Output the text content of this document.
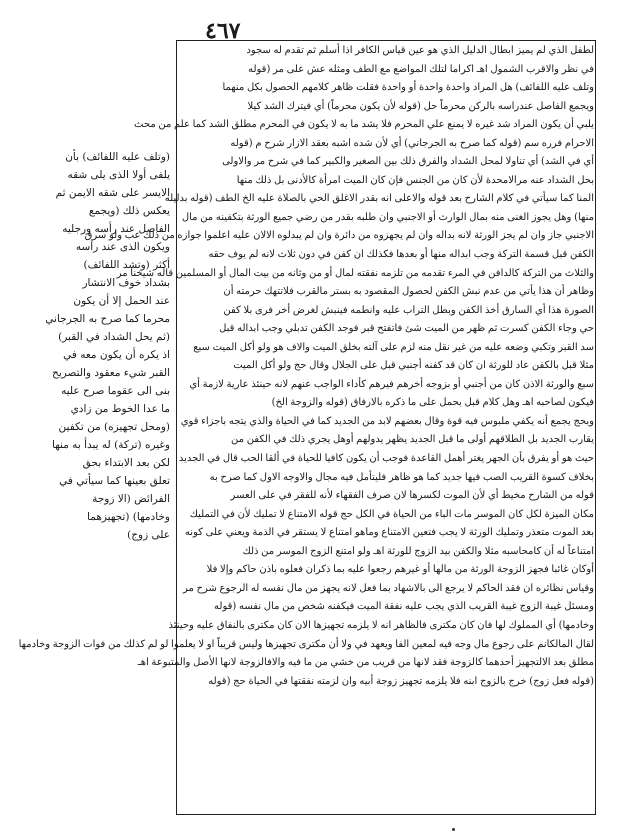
٤٦٧
لطفل الذي لم يميز ابطال الدليل الذي هو عين قياس الكافر اذا أسلم ثم تقدم له سجود
في نظر والاقرب الشمول اهـ اكراما لتلك المواضع مع الطف ومثله عش على مر (قوله
وتلف عليه اللفائف) هل المراد واحدة واحدة أو واحدة فقلت ظاهر كلامهم الحصول بكل منهما
ويجمع الفاصل عندراسه بالركن محرماً حل (قوله لأن يكون محرماً) أي فيترك الشد كيلا
يلبي أن يكون المراد شد غيره لا يمنع علي المحرم فلا يشد ما به لا يكون في المحرم مطلق الشد كما علم من محث
الاحرام فرره سم (قوله كما صرح به الجرجاني) أي لأن شده اشبه بعقد الازار شرح م (قوله
أي في الشد) أي تناولا لمحل الشداد والفرق ذلك بين الصغير والكبير كما في شرح مر والاولى
بحل الشداد عنه مرالامحدة لأن كان من الجنس فإن كان الميت امرأة كالأدنى بل ذلك منها
المنا كما سيأتي في كلام الشارح بعد قوله والاعلى انه بقدر الاغلق الحي بالصلاة عليه الخ الطف (قوله بدليله
منها) وهل يجوز الغنى منه بمال الوارث أو الاجنبي وان طلبه بقدر من رضي جميع الورثة بتكفينه من مال
الاجنبي جاز وان لم يجز الورثة لانه بداله وان لم يجهزوه من دائرة وان لم يبدلوه الالان عليه اعلموا جوازه من ذلك عب ولو سرق
الكفن قبل قسمة التركة وجب ابداله منها أو بعدها فكذلك ان كفن في دون ثلاث لانه لم يوف حقه
والثلاث من التركة كالدافن في المرء تقدمه من تلزمه نفقته لمال أو من وثانه من بيت المال أو المسلمين قاله شيخنا مر
وظاهر أن هذا يأتي من عدم نبش الكفن لحصول المقصود به بستر مالقرب فلاتتهك حرمته أن
الصورة هذا أي السارق أخذ الكفن وبطل التراب عليه وانطمه فينبش لغرض أخر فرى بلا كفن
حي وجاء الكفن كسرت ثم ظهر من الميت شئ فاتفتح قبر فوجد الكفن تدبلي وجب ابداله قبل
سد القبر وتكبي وضعه عليه من غير نقل منه لزم على آلته بخلق الميت والاف هو ولو أكل الميت سبع
مثلا قبل بالكفن عاد للورثة ان كان قد كفنه أجنبي قبل على الجلال وقال حج ولو أكل الميت
سبع والورثة الاذن كان من أجنبي أو بزوجه أخرهم فيرهم كأداء الواجب عنهم لانه حينئذ عارية لازمة أي
فيكون لصاحبه اهـ وهل كلام قبل بحمل على ما ذكره بالارفاق (قوله والزوجة الخ)
وبحج يجمع أنه يكفي ملبوس فيه قوة وقال بعضهم لابد من الجديد كما في الحياة والذي يتجه باجزاء قوي
يقارب الجديد بل الطلاقهم أولى ما قبل الجديد يظهر يدولهم أوهل يجري ذلك في الكفن من
حيث هو أو يفرق بأن الجهر يغتر أهمل القاعدة فوجب أن يكون كافيا للحياة في ألقا الحب قال في الجديد
بخلاف كسوة القريب الصب فيها جديد كما هو ظاهر فليتأمل فيه مجال والاوجه الاول كما صرح به
قوله من الشارح مخيط أي لأن الموت لكسرها لان صرف الفقهاء لأنه للفقر في على العسر
مكان الميزة لكل كان الموسر مات الباء من الحياة في الكل حج قوله الامتناع لا تمليك لأن في التمليك
بعد الموت متعذر وتمليك الورثة لا يجب فتعين الامتناع وماهو امتناع لا يستقر في الذمة ويعني على كونه
امتناعاً له أن كامحاسبه مثلا والكفن بيد الزوج للورثة اهـ ولو امتنع الزوج الموسر من ذلك
أوكان غائبا فجهز الزوجة الورثة من مالها أو غيرهم رجعوا عليه بما ذكران فعلوه باذن حاكم وإلا فلا
وقياس نظائره ان فقد الحاكم لا يرجع الى بالاشهاد بما فعل لانه يجهز من مال نفسه له الرجوع شرح مر
ومسئل غيبة الزوج غيبة القريب الذي يجب عليه نفقة الميت فيكفنه شخص من مال نفسه (قوله
وخادمها) أي المملوك لها فان كان مكترى فالظاهر انه لا يلزمه تجهيزها الان كان مكترى بالنفاق عليه وحينئذ
لقال المالكانم على رجوع مال وجه فيه لمعين الفا ويعهد في ولا أن مكترى تجهيزها وليس قريباً او لا يعلموا لو لم كذلك من فوات الزوجة وخادمها
مطلق بعد الالتجهيز أحدهما كالزوجة فقد لانها من قريب من خشي من ما فيه والافالزوجة لانها الأصل والمتبوعة اهـ
(قوله فعل زوج) خرج بالزوج ابنه فلا يلزمه تجهيز زوجة أبيه وان لزمته نفقتها في الحياة حج (قوله
(وتلف عليه اللفائف) بأن
يلفى أولا الذى يلى شقه
الايسر على شقه الايمن ثم
يعكس ذلك (ويجمع
الفاصل عند رأسه ورجليه
ويكون الذى عند رأسه
أكثر (وتشد اللفائف)
بشداد خوف الانتشار
عند الحمل إلا أن يكون
محرما كما صرح به الجرجاني
(ثم يحل الشداد في القبر)
اذ يكره أن يكون معه في
القبر شيء معقود والتصريح
بنى الى عقوما صرح عليه
ما عدا الخوط من زادي
(ومحل تجهيزه) من تكفين
وغيره (تركة) له يبدأ به منها
لكن بعد الابتداء بحق
تعلق بعينها كما سيأتي في
الفرائض (الا زوجة
وخادمها) (تجهيزهما
على زوج)
